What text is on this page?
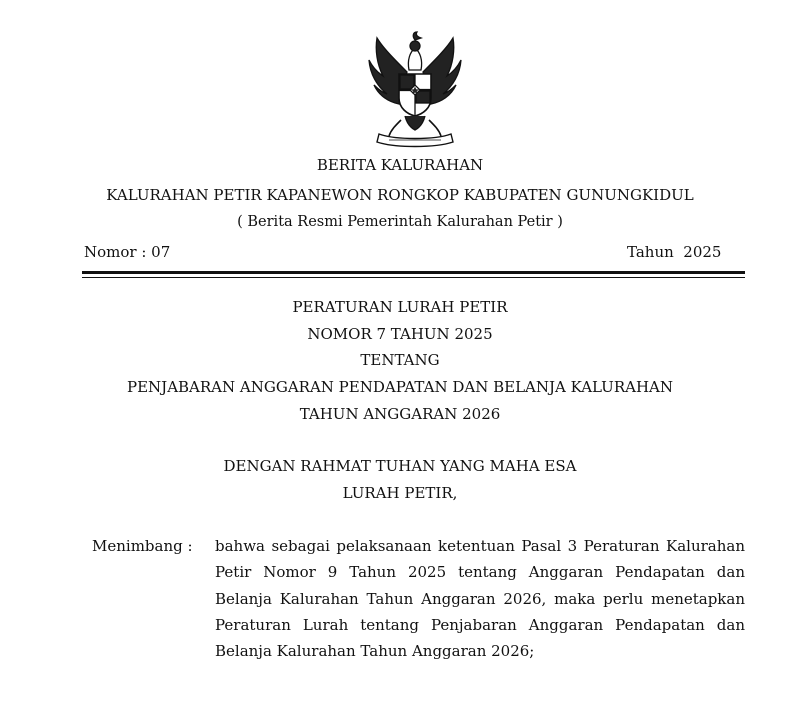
BERITA KALURAHAN
KALURAHAN PETIR KAPANEWON RONGKOP KABUPATEN GUNUNGKIDUL
( Berita Resmi Pemerintah Kalurahan Petir )
Nomor : 07	Tahun  2025
PERATURAN LURAH PETIR
NOMOR 7 TAHUN 2025
TENTANG
PENJABARAN ANGGARAN PENDAPATAN DAN BELANJA KALURAHAN
TAHUN ANGGARAN 2026
DENGAN RAHMAT TUHAN YANG MAHA ESA
LURAH PETIR,
Menimbang : bahwa sebagai pelaksanaan ketentuan Pasal 3 Peraturan Kalurahan Petir Nomor 9 Tahun 2025 tentang Anggaran Pendapatan dan Belanja Kalurahan Tahun Anggaran 2026, maka perlu menetapkan Peraturan Lurah tentang Penjabaran Anggaran Pendapatan dan Belanja Kalurahan Tahun Anggaran 2026;
